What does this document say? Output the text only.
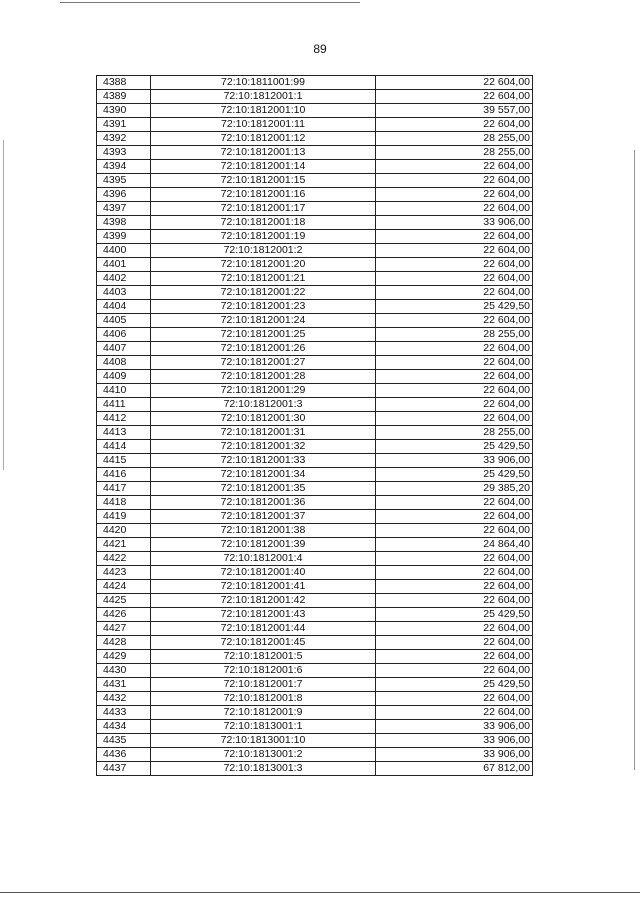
89
4388	72:10:1811001:99	22 604,00
4389	72:10:1812001:1	22 604,00
4390	72:10:1812001:10	39 557,00
4391	72:10:1812001:11	22 604,00
4392	72:10:1812001:12	28 255,00
4393	72:10:1812001:13	28 255,00
4394	72:10:1812001:14	22 604,00
4395	72:10:1812001:15	22 604,00
4396	72:10:1812001:16	22 604,00
4397	72:10:1812001:17	22 604,00
4398	72:10:1812001:18	33 906,00
4399	72:10:1812001:19	22 604,00
4400	72:10:1812001:2	22 604,00
4401	72:10:1812001:20	22 604,00
4402	72:10:1812001:21	22 604,00
4403	72:10:1812001:22	22 604,00
4404	72:10:1812001:23	25 429,50
4405	72:10:1812001:24	22 604,00
4406	72:10:1812001:25	28 255,00
4407	72:10:1812001:26	22 604,00
4408	72:10:1812001:27	22 604,00
4409	72:10:1812001:28	22 604,00
4410	72:10:1812001:29	22 604,00
4411	72:10:1812001:3	22 604,00
4412	72:10:1812001:30	22 604,00
4413	72:10:1812001:31	28 255,00
4414	72:10:1812001:32	25 429,50
4415	72:10:1812001:33	33 906,00
4416	72:10:1812001:34	25 429,50
4417	72:10:1812001:35	29 385,20
4418	72:10:1812001:36	22 604,00
4419	72:10:1812001:37	22 604,00
4420	72:10:1812001:38	22 604,00
4421	72:10:1812001:39	24 864,40
4422	72:10:1812001:4	22 604,00
4423	72:10:1812001:40	22 604,00
4424	72:10:1812001:41	22 604,00
4425	72:10:1812001:42	22 604,00
4426	72:10:1812001:43	25 429,50
4427	72:10:1812001:44	22 604,00
4428	72:10:1812001:45	22 604,00
4429	72:10:1812001:5	22 604,00
4430	72:10:1812001:6	22 604,00
4431	72:10:1812001:7	25 429,50
4432	72:10:1812001:8	22 604,00
4433	72:10:1812001:9	22 604,00
4434	72:10:1813001:1	33 906,00
4435	72:10:1813001:10	33 906,00
4436	72:10:1813001:2	33 906,00
4437	72:10:1813001:3	67 812,00
